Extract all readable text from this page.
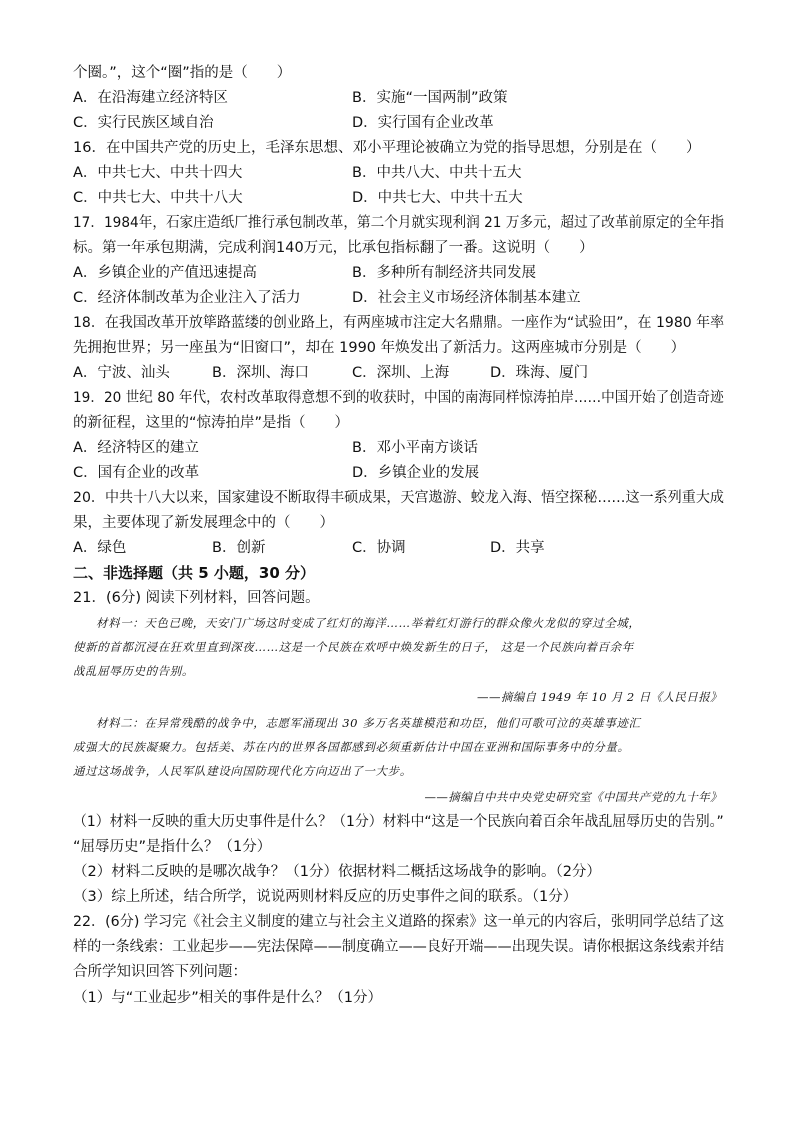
个圈。”，这个“圈”指的是（　　）
A．在沿海建立经济特区	B．实施“一国两制”政策
C．实行民族区域自治	D．实行国有企业改革
16．在中国共产党的历史上，毛泽东思想、邓小平理论被确立为党的指导思想，分别是在（　　）
A．中共七大、中共十四大	B．中共八大、中共十五大
C．中共七大、中共十八大	D．中共七大、中共十五大
17．1984年，石家庄造纸厂推行承包制改革，第二个月就实现利润 21 万多元，超过了改革前原定的全年指
标。第一年承包期满，完成利润140万元，比承包指标翻了一番。这说明（　　）
A．乡镇企业的产值迅速提高	B．多种所有制经济共同发展
C．经济体制改革为企业注入了活力	D．社会主义市场经济体制基本建立
18．在我国改革开放筚路蓝缕的创业路上，有两座城市注定大名鼎鼎。一座作为“试验田”，在 1980 年率
先拥抱世界；另一座虽为“旧窗口”，却在 1990 年焕发出了新活力。这两座城市分别是（　　）
A．宁波、汕头	B．深圳、海口	C．深圳、上海	D．珠海、厦门
19．20 世纪 80 年代，农村改革取得意想不到的收获时，中国的南海同样惊涛拍岸……中国开始了创造奇迹
的新征程，这里的“惊涛拍岸”是指（　　）
A．经济特区的建立	B．邓小平南方谈话
C．国有企业的改革	D．乡镇企业的发展
20．中共十八大以来，国家建设不断取得丰硕成果，天宫遨游、蛟龙入海、悟空探秘……这一系列重大成
果，主要体现了新发展理念中的（　　）
A．绿色	B．创新	C．协调	D．共享
二、非选择题（共 5 小题，30 分）
21．(6分) 阅读下列材料，回答问题。
材料一：天色已晚，天安门广场这时变成了红灯的海洋……举着红灯游行的群众像火龙似的穿过全城，
使新的首都沉浸在狂欢里直到深夜……这是一个民族在欢呼中焕发新生的日子， 这是一个民族向着百余年
战乱屈辱历史的告别。
——摘编自 1949 年 10 月 2 日《人民日报》
材料二：在异常残酷的战争中，志愿军涌现出 30 多万名英雄模范和功臣，他们可歌可泣的英雄事迹汇
成强大的民族凝聚力。包括美、苏在内的世界各国都感到必须重新估计中国在亚洲和国际事务中的分量。
通过这场战争，人民军队建设向国防现代化方向迈出了一大步。
——摘编自中共中央党史研究室《中国共产党的九十年》
（1）材料一反映的重大历史事件是什么？（1分）材料中“这是一个民族向着百余年战乱屈辱历史的告别。”
“屈辱历史”是指什么？（1分）
（2）材料二反映的是哪次战争？（1分）依据材料二概括这场战争的影响。（2分）
（3）综上所述，结合所学，说说两则材料反应的历史事件之间的联系。（1分）
22．(6分) 学习完《社会主义制度的建立与社会主义道路的探索》这一单元的内容后，张明同学总结了这
样的一条线索：工业起步——宪法保障——制度确立——良好开端——出现失误。请你根据这条线索并结
合所学知识回答下列问题：
（1）与“工业起步”相关的事件是什么？（1分）
